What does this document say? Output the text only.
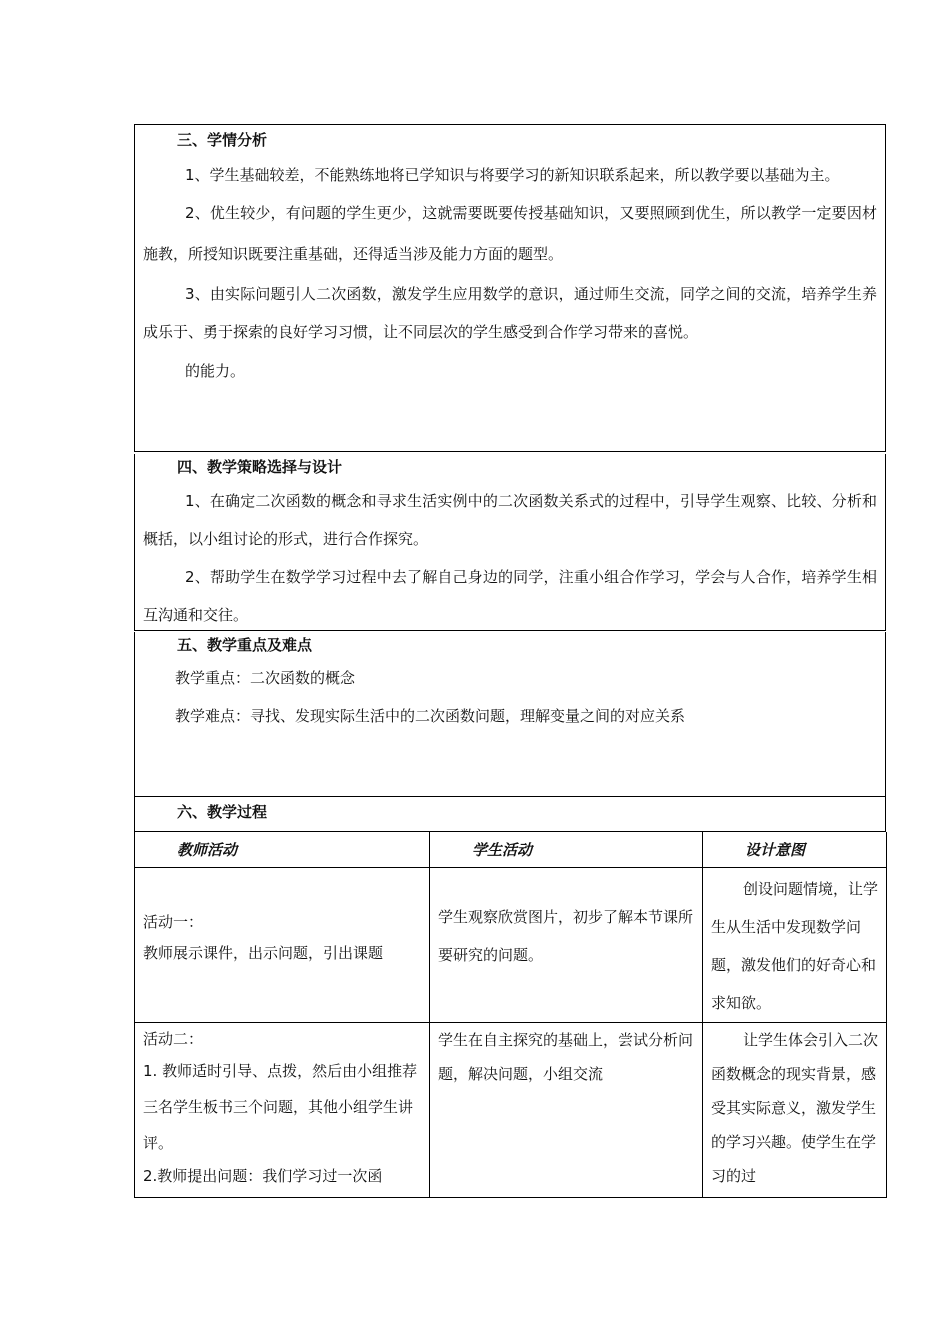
三、学情分析

1、学生基础较差，不能熟练地将已学知识与将要学习的新知识联系起来，所以教学要以基础为主。

2、优生较少，有问题的学生更少，这就需要既要传授基础知识，又要照顾到优生，所以教学一定要因材施教，所授知识既要注重基础，还得适当涉及能力方面的题型。

3、由实际问题引人二次函数，激发学生应用数学的意识，通过师生交流，同学之间的交流，培养学生养成乐于、勇于探索的良好学习习惯，让不同层次的学生感受到合作学习带来的喜悦。

的能力。

四、教学策略选择与设计

1、在确定二次函数的概念和寻求生活实例中的二次函数关系式的过程中，引导学生观察、比较、分析和概括，以小组讨论的形式，进行合作探究。

2、帮助学生在数学学习过程中去了解自己身边的同学，注重小组合作学习，学会与人合作，培养学生相互沟通和交往。

五、教学重点及难点

教学重点：二次函数的概念

教学难点：寻找、发现实际生活中的二次函数问题，理解变量之间的对应关系

六、教学过程
教师活动	学生活动	设计意图

活动一：
教师展示课件，出示问题，引出课题	学生观察欣赏图片，初步了解本节课所要研究的问题。	创设问题情境，让学生从生活中发现数学问题，激发他们的好奇心和求知欲。

活动二：
1. 教师适时引导、点拨，然后由小组推荐三名学生板书三个问题，其他小组学生讲评。
2.教师提出问题：我们学习过一次函	学生在自主探究的基础上，尝试分析问题，解决问题，小组交流	让学生体会引入二次函数概念的现实背景，感受其实际意义，激发学生的学习兴趣。使学生在学习的过
